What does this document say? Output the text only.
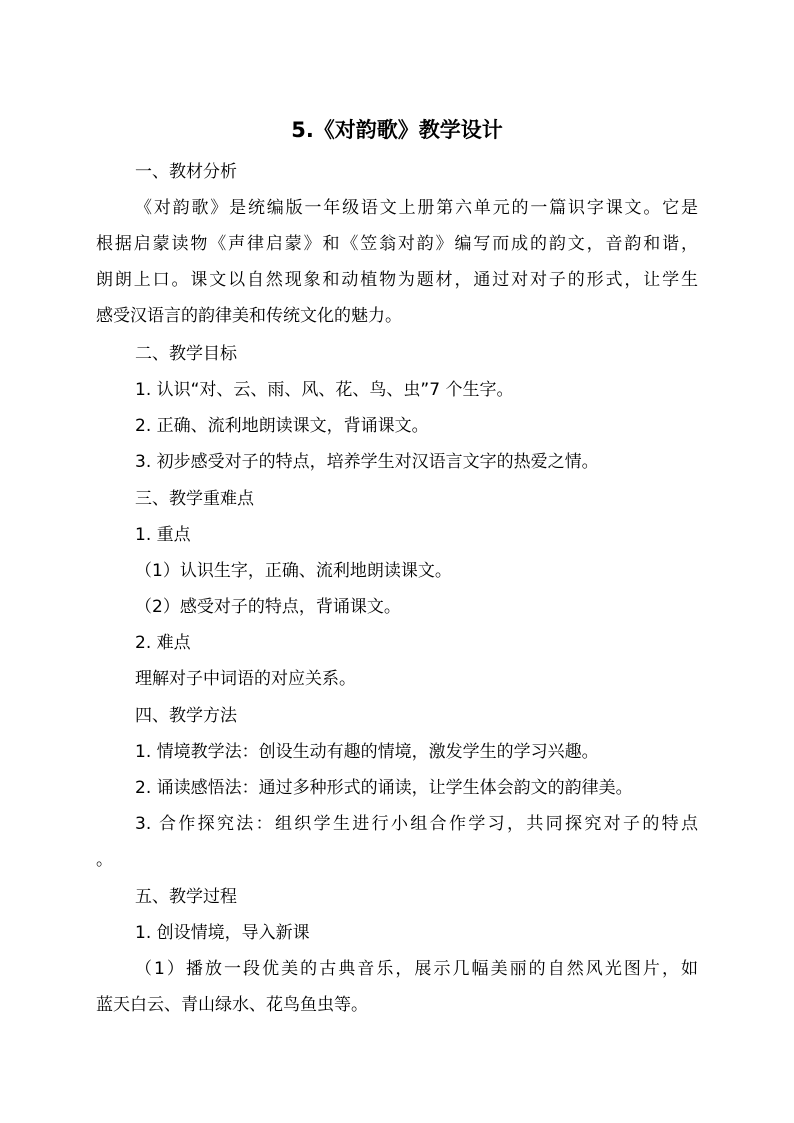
5.《对韵歌》教学设计

一、教材分析

《对韵歌》是统编版一年级语文上册第六单元的一篇识字课文。它是

根据启蒙读物《声律启蒙》和《笠翁对韵》编写而成的韵文，音韵和谐，

朗朗上口。课文以自然现象和动植物为题材，通过对对子的形式，让学生

感受汉语言的韵律美和传统文化的魅力。

二、教学目标

1. 认识“对、云、雨、风、花、鸟、虫”7 个生字。

2. 正确、流利地朗读课文，背诵课文。

3. 初步感受对子的特点，培养学生对汉语言文字的热爱之情。

三、教学重难点

1. 重点

（1）认识生字，正确、流利地朗读课文。

（2）感受对子的特点，背诵课文。

2. 难点

理解对子中词语的对应关系。

四、教学方法

1. 情境教学法：创设生动有趣的情境，激发学生的学习兴趣。

2. 诵读感悟法：通过多种形式的诵读，让学生体会韵文的韵律美。

3. 合作探究法：组织学生进行小组合作学习，共同探究对子的特点

。

五、教学过程

1. 创设情境，导入新课

（1）播放一段优美的古典音乐，展示几幅美丽的自然风光图片，如

蓝天白云、青山绿水、花鸟鱼虫等。
